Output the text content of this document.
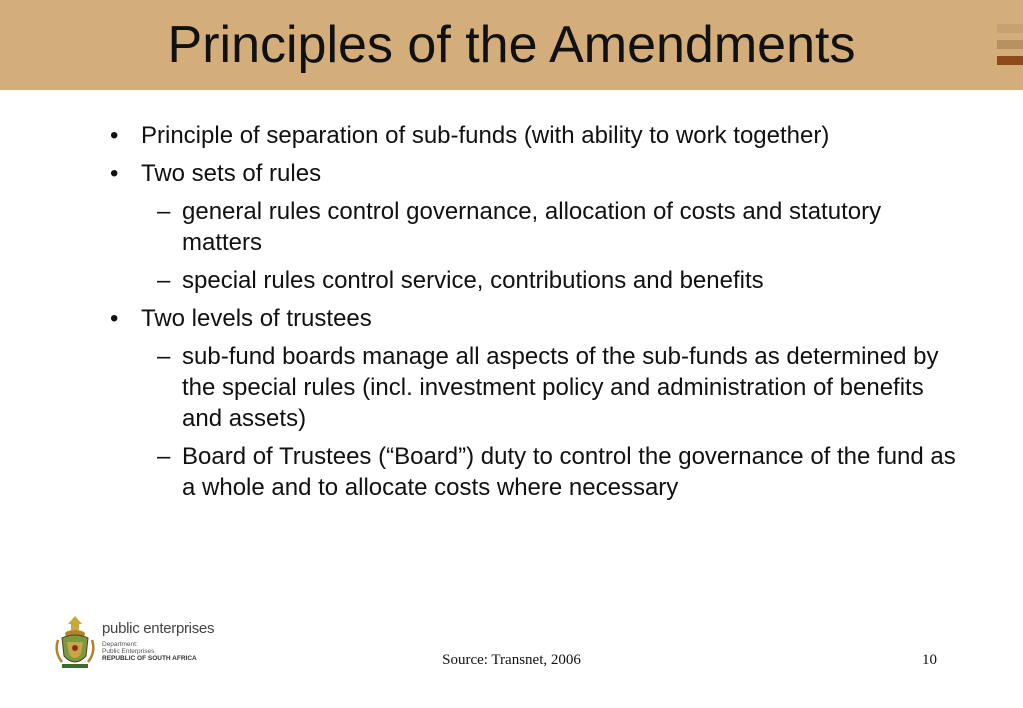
Principles of the Amendments
• Principle of separation of sub-funds (with ability to work together)
• Two sets of rules
– general rules control governance, allocation of costs and statutory matters
– special rules control service, contributions and benefits
• Two levels of trustees
– sub-fund boards manage all aspects of the sub-funds as determined by the special rules (incl. investment policy and administration of benefits and assets)
– Board of Trustees (“Board”) duty to control the governance of the fund as a whole and to allocate costs where necessary
public enterprises
Department:
Public Enterprises
REPUBLIC OF SOUTH AFRICA	Source: Transnet, 2006	10
